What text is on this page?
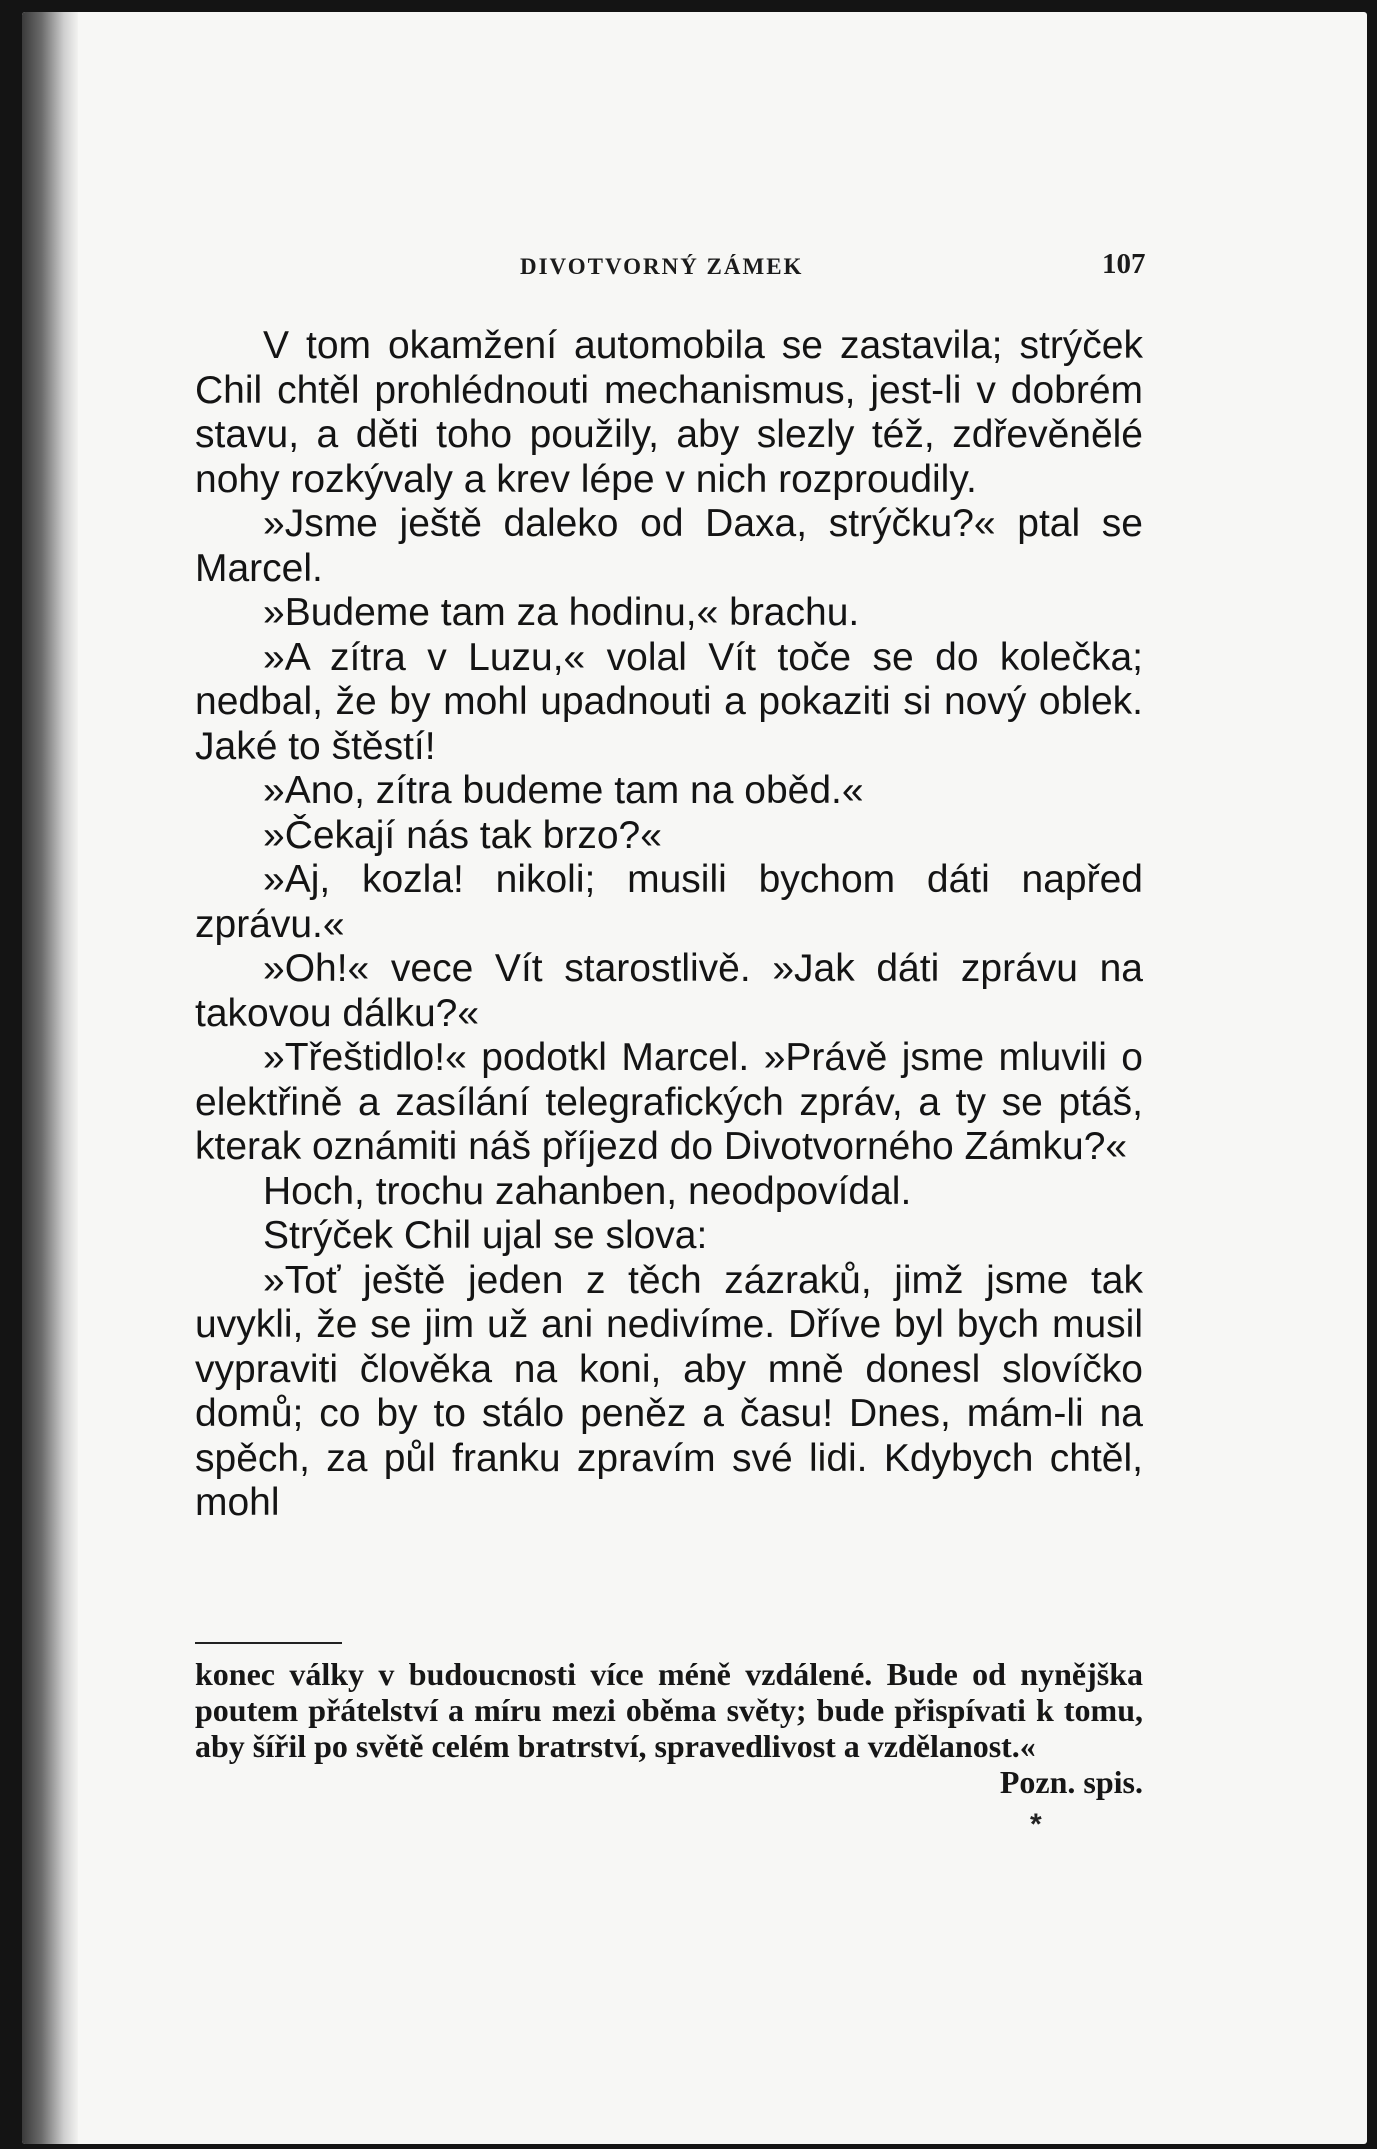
DIVOTVORNÝ ZÁMEK	107

V tom okamžení automobila se zastavila; strýček Chil chtěl prohlédnouti mechanismus, jest-li v dobrém stavu, a děti toho použily, aby slezly též, zdřevěnělé nohy rozkývaly a krev lépe v nich rozproudily.

»Jsme ještě daleko od Daxa, strýčku?« ptal se Marcel.

»Budeme tam za hodinu,« brachu.

»A zítra v Luzu,« volal Vít toče se do kolečka; nedbal, že by mohl upadnouti a pokaziti si nový oblek. Jaké to štěstí!

»Ano, zítra budeme tam na oběd.«

»Čekají nás tak brzo?«

»Aj, kozla! nikoli; musili bychom dáti napřed zprávu.«

»Oh!« vece Vít starostlivě. »Jak dáti zprávu na takovou dálku?«

»Třeštidlo!« podotkl Marcel. »Právě jsme mluvili o elektřině a zasílání telegrafických zpráv, a ty se ptáš, kterak oznámiti náš příjezd do Divotvorného Zámku?«

Hoch, trochu zahanben, neodpovídal.

Strýček Chil ujal se slova:

»Toť ještě jeden z těch zázraků, jimž jsme tak uvykli, že se jim už ani nedivíme. Dříve byl bych musil vypraviti člověka na koni, aby mně donesl slovíčko domů; co by to stálo peněz a času! Dnes, mám-li na spěch, za půl franku zpravím své lidi. Kdybych chtěl, mohl

konec války v budoucnosti více méně vzdálené. Bude od nynějška poutem přátelství a míru mezi oběma světy; bude přispívati k tomu, aby šířil po světě celém bratrství, spravedlivost a vzdělanost.«
Pozn. spis.
*
